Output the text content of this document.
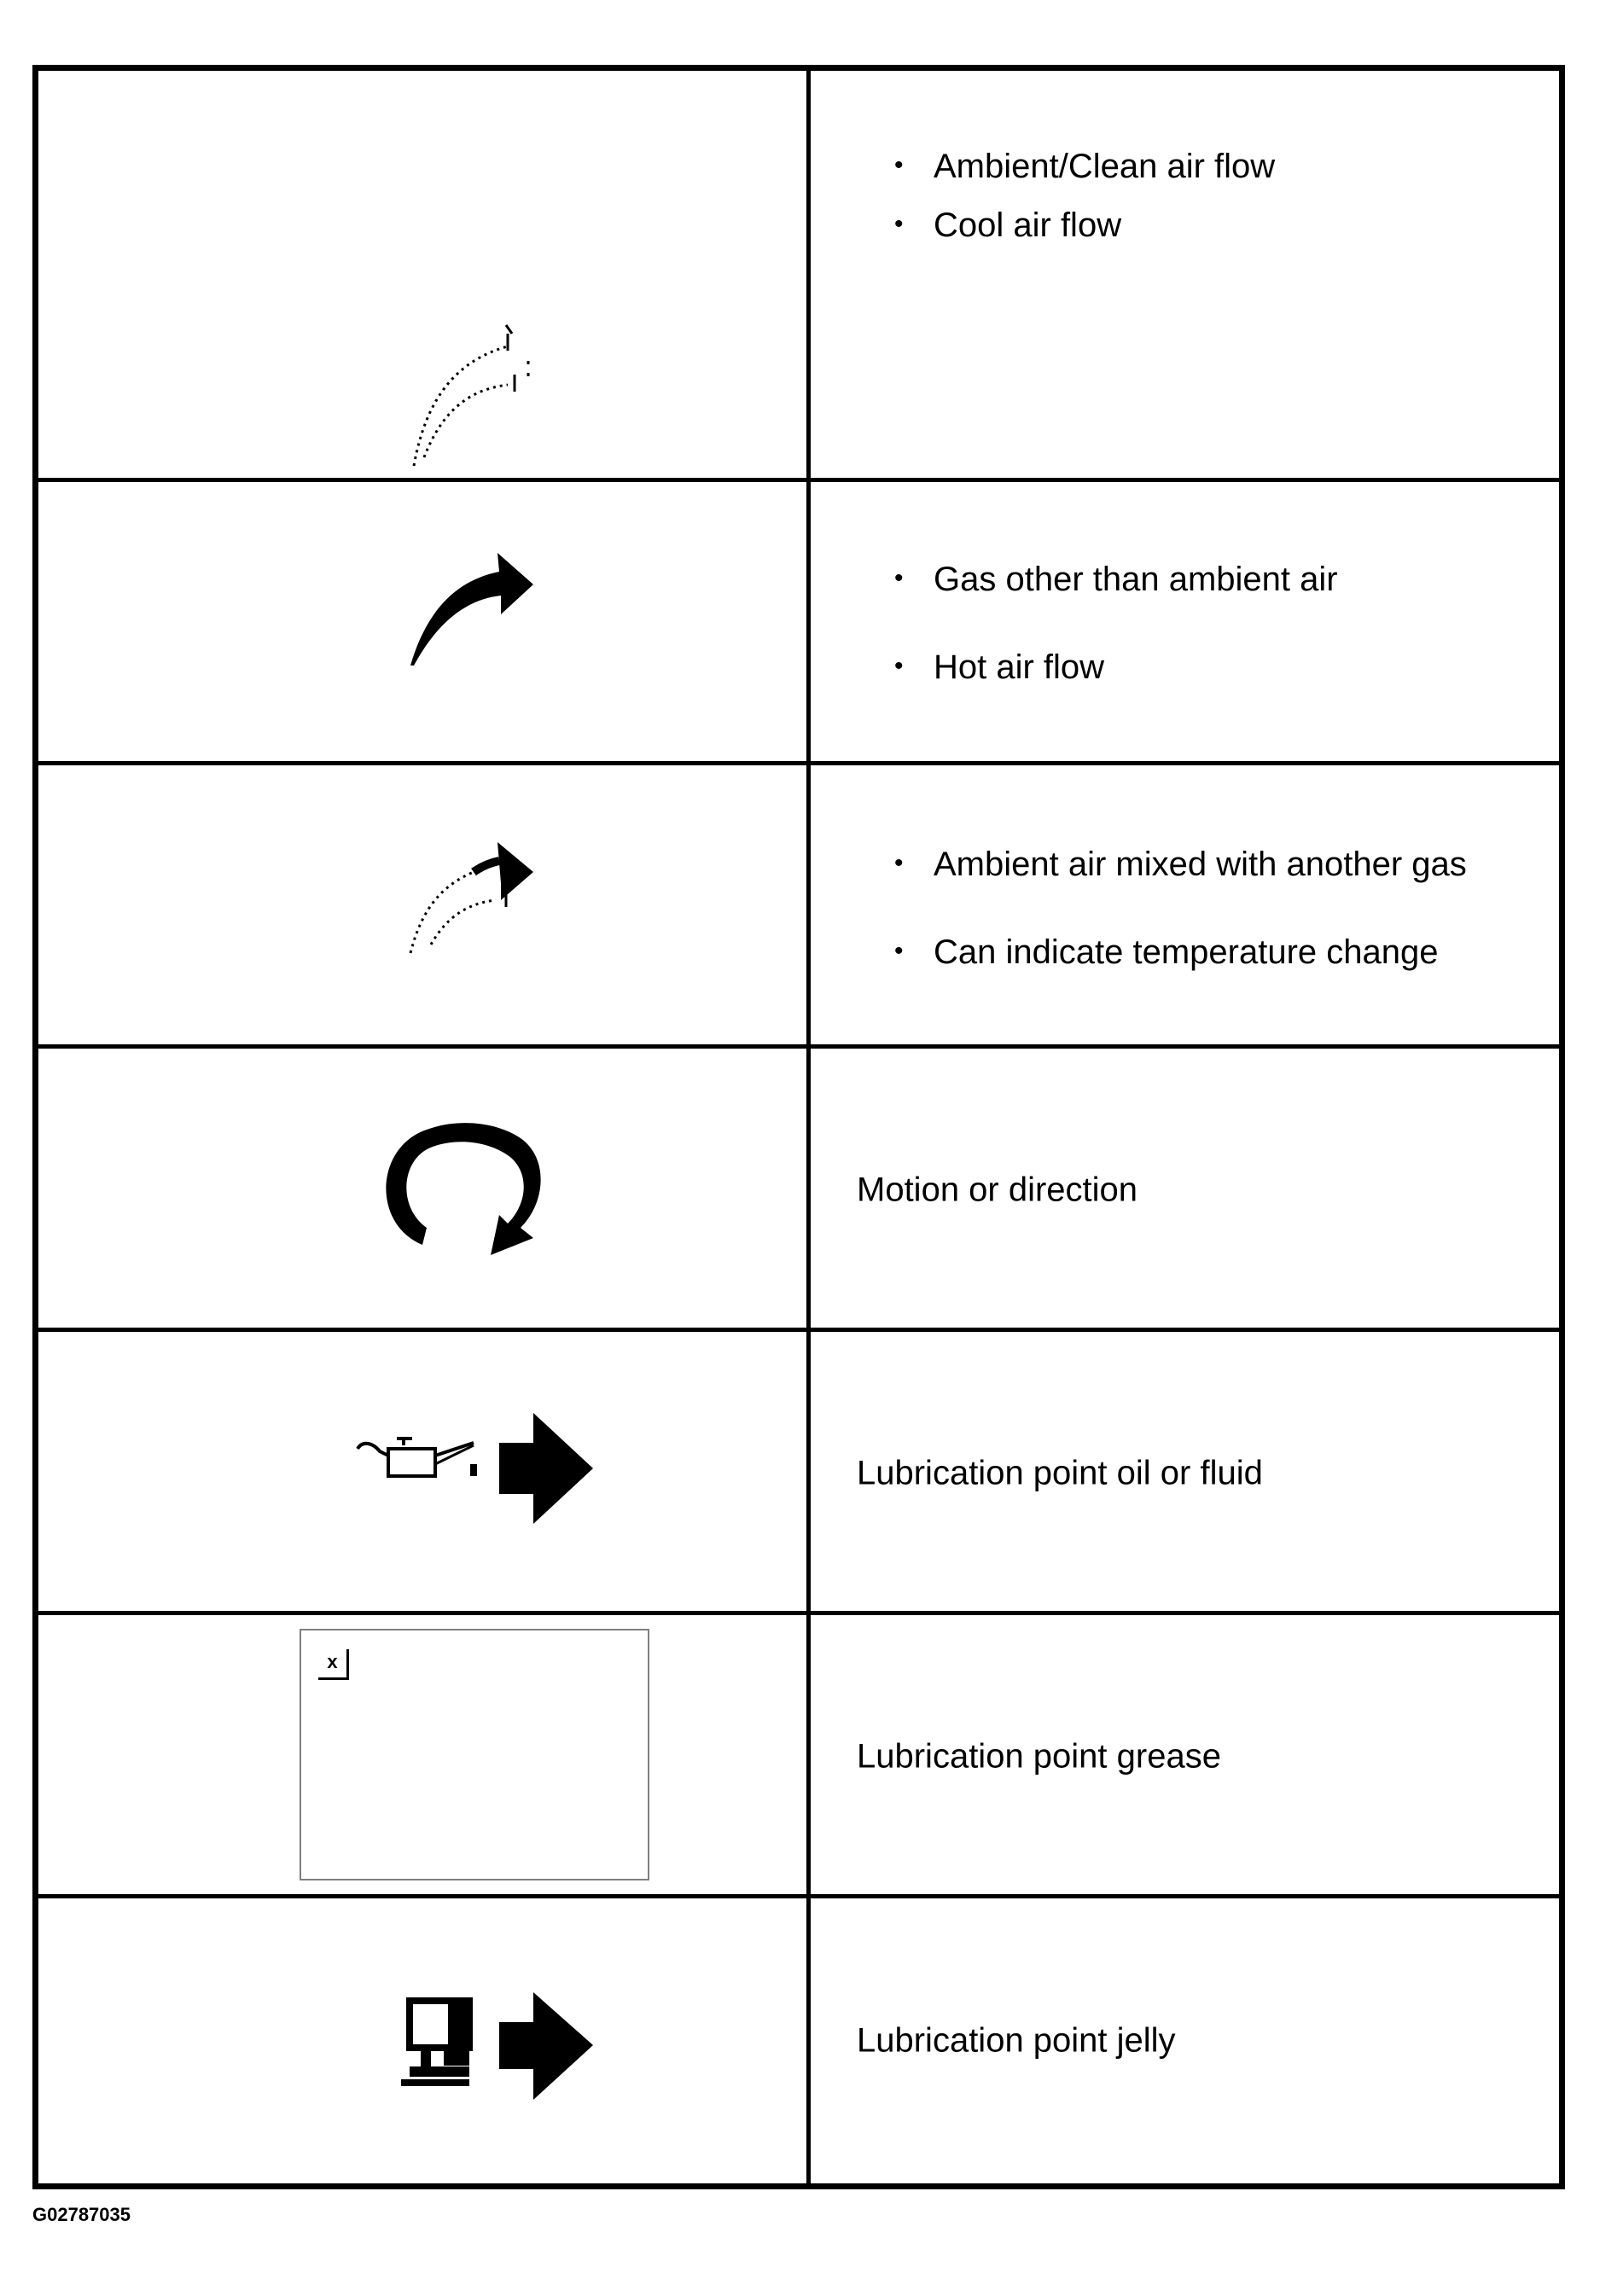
• Ambient/Clean air flow
• Cool air flow
• Gas other than ambient air
• Hot air flow
• Ambient air mixed with another gas
• Can indicate temperature change
Motion or direction
Lubrication point oil or fluid
x
Lubrication point grease
Lubrication point jelly
G02787035
